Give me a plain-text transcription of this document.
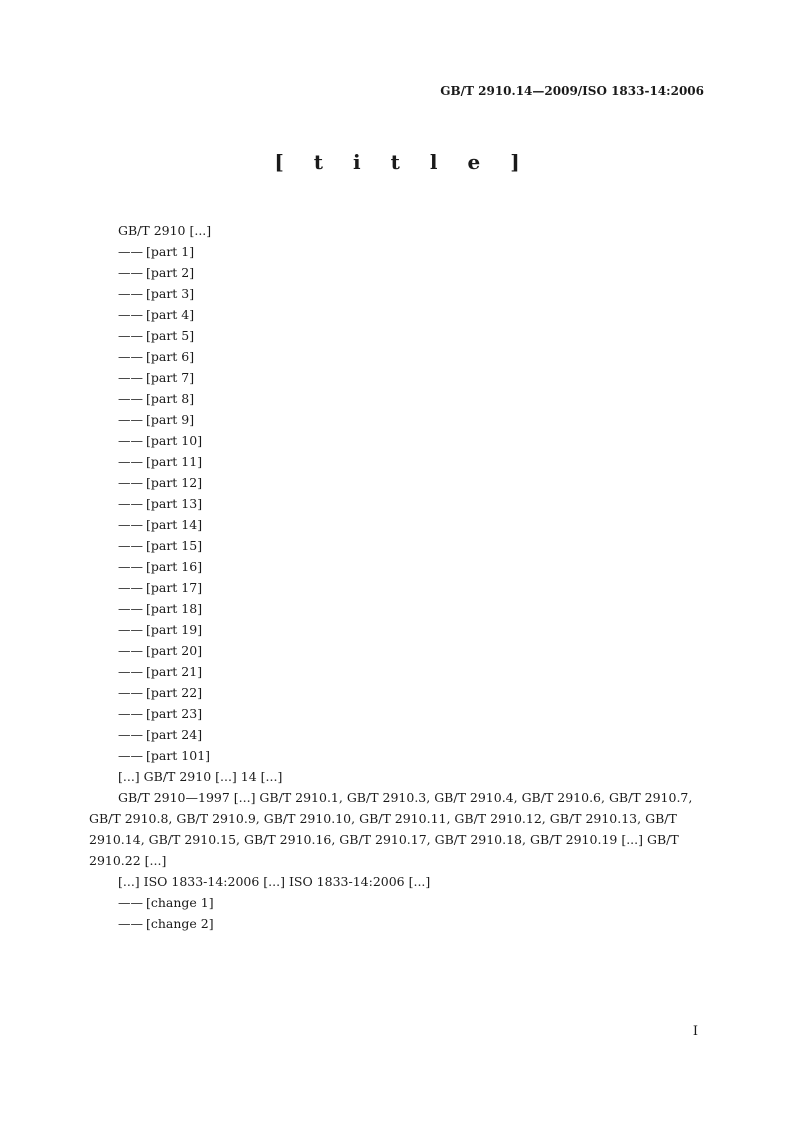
GB/T 2910.14—2009/ISO 1833-14:2006
[title]

GB/T 2910 [...]

—— [part 1]

—— [part 2]

—— [part 3]

—— [part 4]

—— [part 5]

—— [part 6]

—— [part 7]

—— [part 8]

—— [part 9]

—— [part 10]

—— [part 11]

—— [part 12]

—— [part 13]

—— [part 14]

—— [part 15]

—— [part 16]

—— [part 17]

—— [part 18]

—— [part 19]

—— [part 20]

—— [part 21]

—— [part 22]

—— [part 23]

—— [part 24]

—— [part 101]

[...] GB/T 2910 [...] 14 [...]

GB/T 2910—1997 [...] GB/T 2910.1, GB/T 2910.3, GB/T 2910.4, GB/T 2910.6, GB/T 2910.7, GB/T 2910.8, GB/T 2910.9, GB/T 2910.10, GB/T 2910.11, GB/T 2910.12, GB/T 2910.13, GB/T 2910.14, GB/T 2910.15, GB/T 2910.16, GB/T 2910.17, GB/T 2910.18, GB/T 2910.19 [...] GB/T 2910.22 [...]

[...] ISO 1833-14:2006 [...] ISO 1833-14:2006 [...]

—— [change 1]

—— [change 2]

I
